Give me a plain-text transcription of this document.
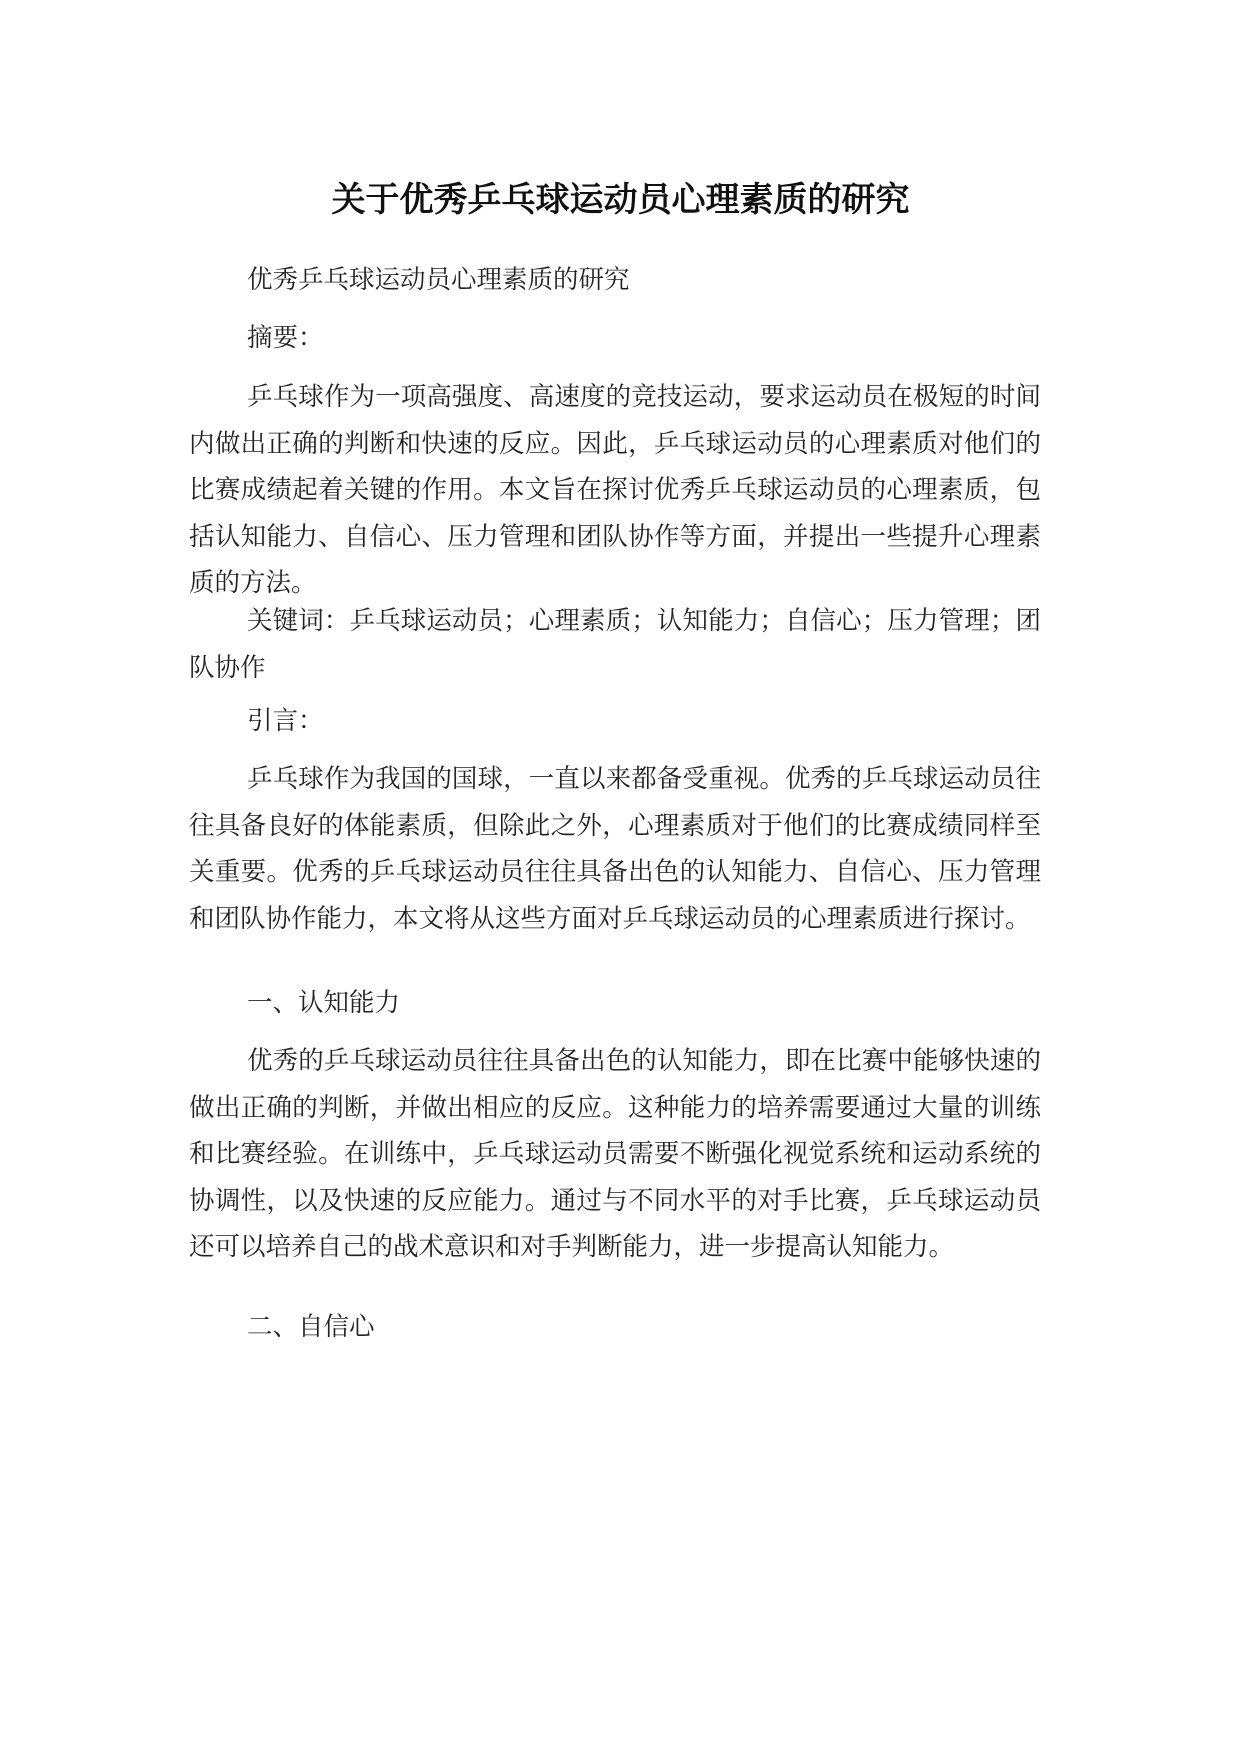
关于优秀乒乓球运动员心理素质的研究

优秀乒乓球运动员心理素质的研究

摘要：

乒乓球作为一项高强度、高速度的竞技运动，要求运动员在极短的时间内做出正确的判断和快速的反应。因此，乒乓球运动员的心理素质对他们的比赛成绩起着关键的作用。本文旨在探讨优秀乒乓球运动员的心理素质，包括认知能力、自信心、压力管理和团队协作等方面，并提出一些提升心理素质的方法。

关键词：乒乓球运动员；心理素质；认知能力；自信心；压力管理；团队协作

引言：

乒乓球作为我国的国球，一直以来都备受重视。优秀的乒乓球运动员往往具备良好的体能素质，但除此之外，心理素质对于他们的比赛成绩同样至关重要。优秀的乒乓球运动员往往具备出色的认知能力、自信心、压力管理和团队协作能力，本文将从这些方面对乒乓球运动员的心理素质进行探讨。

一、认知能力

优秀的乒乓球运动员往往具备出色的认知能力，即在比赛中能够快速的做出正确的判断，并做出相应的反应。这种能力的培养需要通过大量的训练和比赛经验。在训练中，乒乓球运动员需要不断强化视觉系统和运动系统的协调性，以及快速的反应能力。通过与不同水平的对手比赛，乒乓球运动员还可以培养自己的战术意识和对手判断能力，进一步提高认知能力。

二、自信心
